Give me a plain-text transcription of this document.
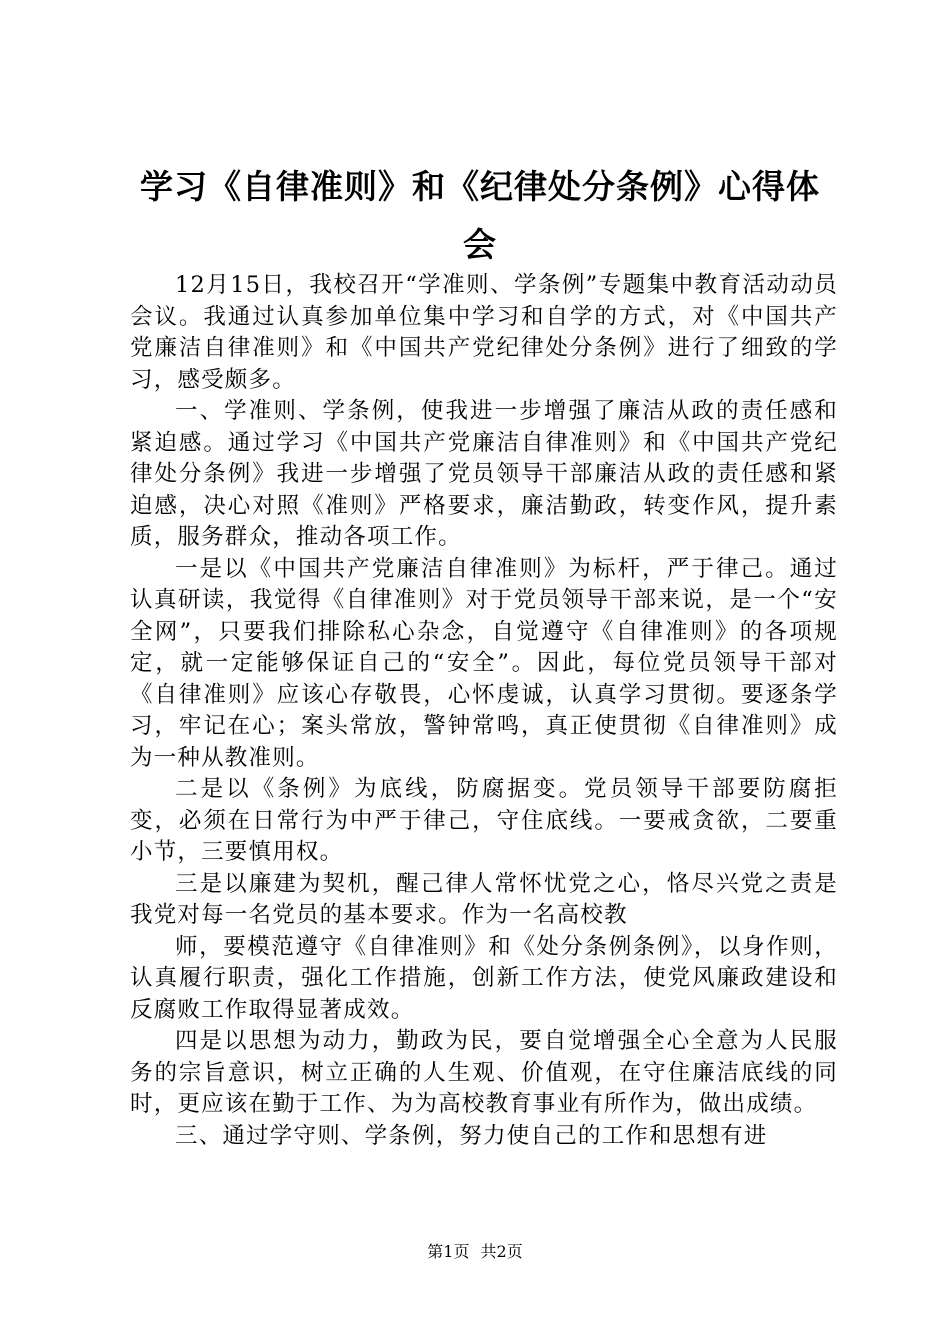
学习《自律准则》和《纪律处分条例》心得体会

12月15日，我校召开“学准则、学条例”专题集中教育活动动员会议。我通过认真参加单位集中学习和自学的方式，对《中国共产党廉洁自律准则》和《中国共产党纪律处分条例》进行了细致的学习，感受颇多。

一、学准则、学条例，使我进一步增强了廉洁从政的责任感和紧迫感。通过学习《中国共产党廉洁自律准则》和《中国共产党纪律处分条例》我进一步增强了党员领导干部廉洁从政的责任感和紧迫感，决心对照《准则》严格要求，廉洁勤政，转变作风，提升素质，服务群众，推动各项工作。

一是以《中国共产党廉洁自律准则》为标杆，严于律己。通过认真研读，我觉得《自律准则》对于党员领导干部来说，是一个“安全网”，只要我们排除私心杂念，自觉遵守《自律准则》的各项规定，就一定能够保证自己的“安全”。因此，每位党员领导干部对《自律准则》应该心存敬畏，心怀虔诚，认真学习贯彻。要逐条学习，牢记在心；案头常放，警钟常鸣，真正使贯彻《自律准则》成为一种从教准则。

二是以《条例》为底线，防腐据变。党员领导干部要防腐拒变，必须在日常行为中严于律己，守住底线。一要戒贪欲，二要重小节，三要慎用权。

三是以廉建为契机，醒己律人常怀忧党之心，恪尽兴党之责是我党对每一名党员的基本要求。作为一名高校教

师，要模范遵守《自律准则》和《处分条例条例》，以身作则，认真履行职责，强化工作措施，创新工作方法，使党风廉政建设和反腐败工作取得显著成效。

四是以思想为动力，勤政为民，要自觉增强全心全意为人民服务的宗旨意识，树立正确的人生观、价值观，在守住廉洁底线的同时，更应该在勤于工作、为为高校教育事业有所作为，做出成绩。

三、通过学守则、学条例，努力使自己的工作和思想有进

第1页 共2页
